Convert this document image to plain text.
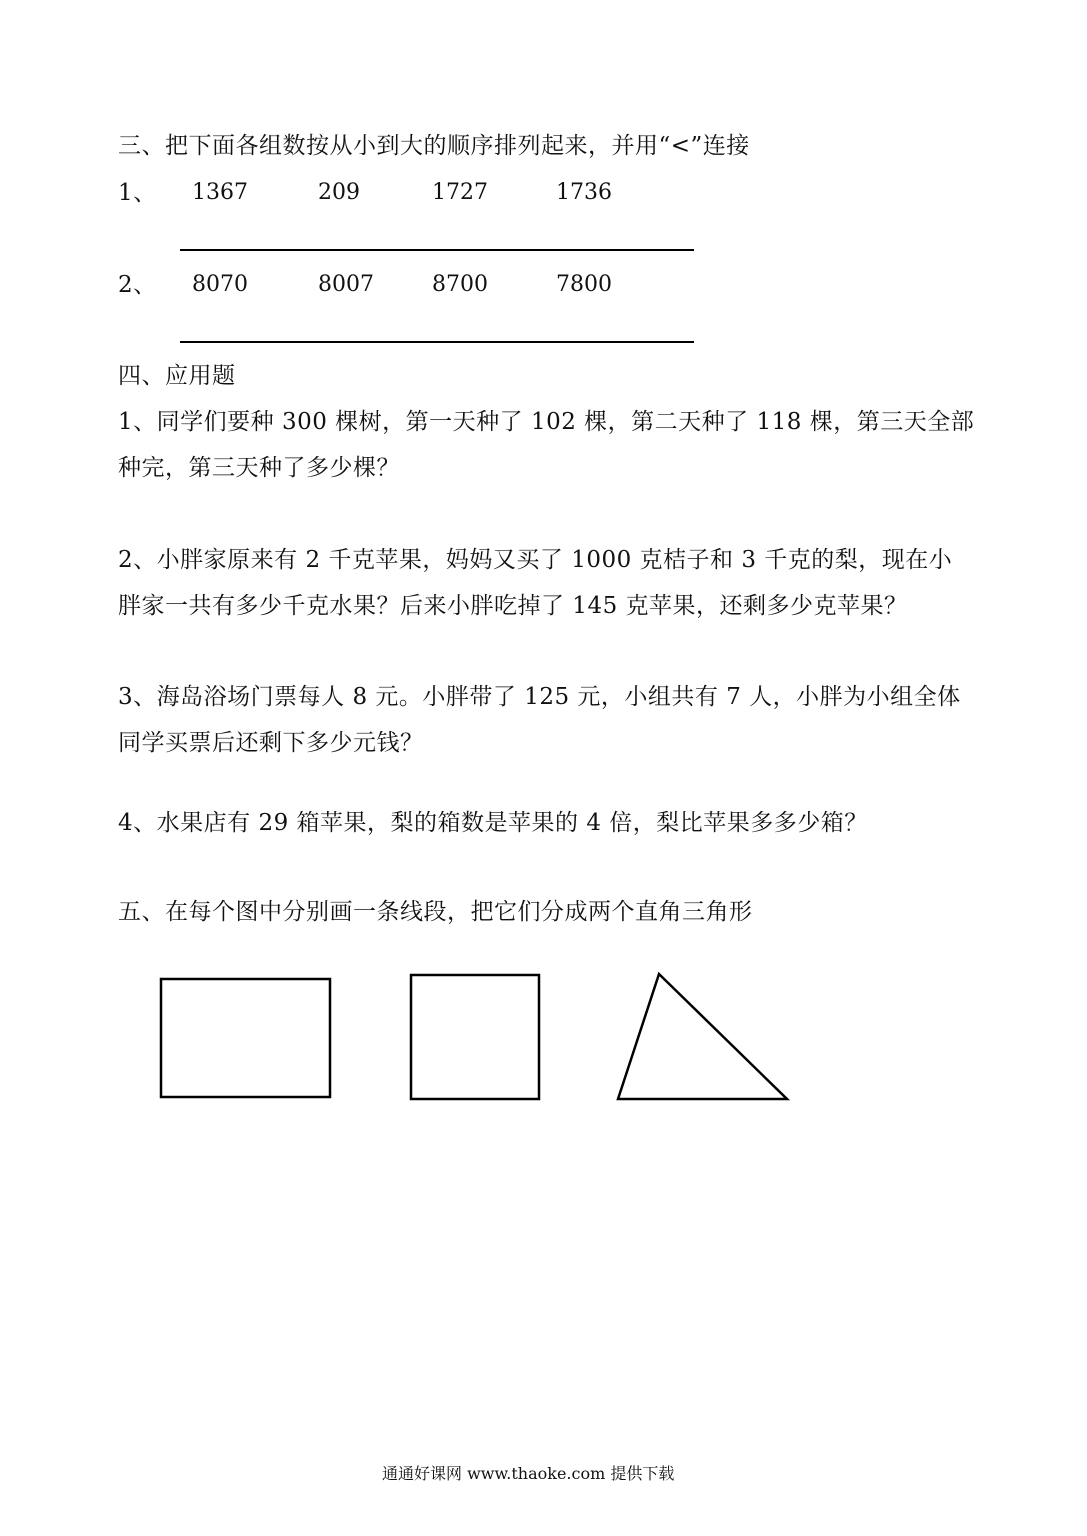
三、把下面各组数按从小到大的顺序排列起来，并用“<”连接
1、 1367	209	1727	1736
2、 8070	8007	8700	7800
四、应用题
1、同学们要种 300 棵树，第一天种了 102 棵，第二天种了 118 棵，第三天全部
种完，第三天种了多少棵？
2、小胖家原来有 2 千克苹果，妈妈又买了 1000 克桔子和 3 千克的梨，现在小
胖家一共有多少千克水果？后来小胖吃掉了 145 克苹果，还剩多少克苹果？
3、海岛浴场门票每人 8 元。小胖带了 125 元，小组共有 7 人，小胖为小组全体
同学买票后还剩下多少元钱？
4、水果店有 29 箱苹果，梨的箱数是苹果的 4 倍，梨比苹果多多少箱？
五、在每个图中分别画一条线段，把它们分成两个直角三角形
通通好课网 www.thaoke.com 提供下载
